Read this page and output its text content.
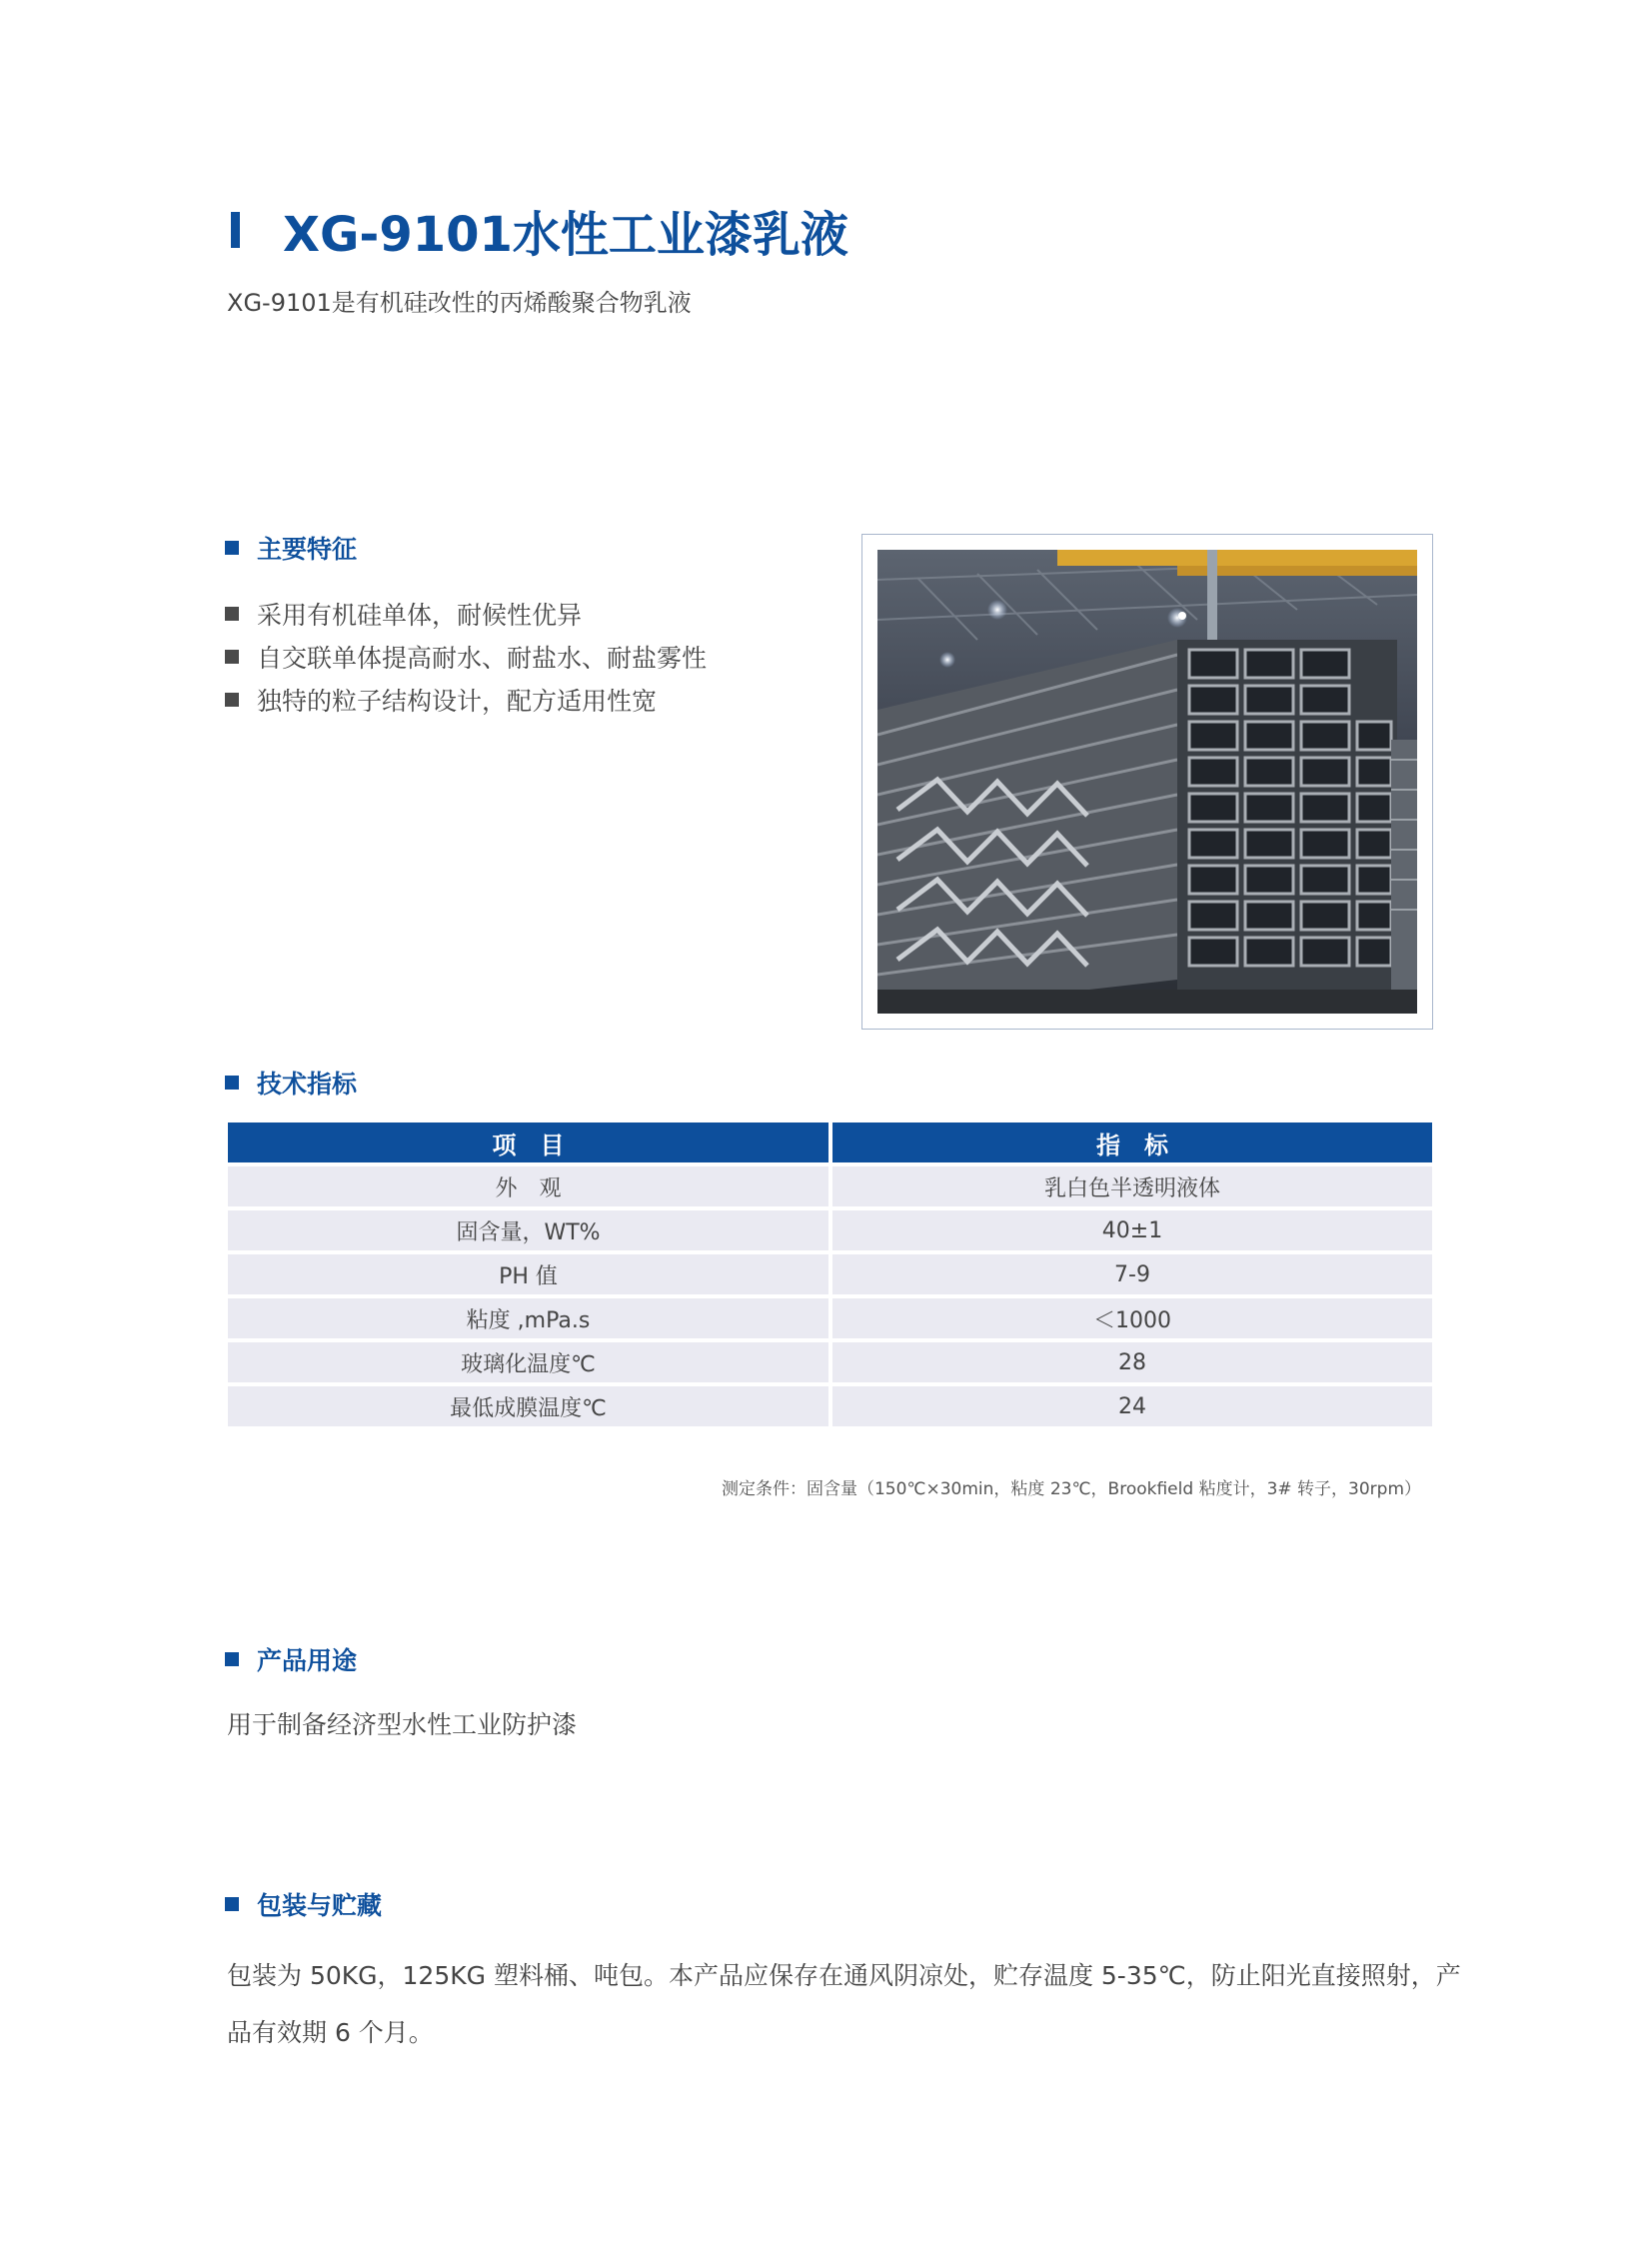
XG-9101水性工业漆乳液
XG-9101是有机硅改性的丙烯酸聚合物乳液
主要特征
采用有机硅单体，耐候性优异
自交联单体提高耐水、耐盐水、耐盐雾性
独特的粒子结构设计，配方适用性宽
技术指标
项　目	指　标
外　观	乳白色半透明液体
固含量，WT%	40±1
PH 值	7-9
粘度 ,mPa.s	＜1000
玻璃化温度℃	28
最低成膜温度℃	24
测定条件：固含量（150℃×30min，粘度 23℃，Brookfield 粘度计，3# 转子，30rpm）
产品用途
用于制备经济型水性工业防护漆
包装与贮藏
包装为 50KG，125KG 塑料桶、吨包。本产品应保存在通风阴凉处，贮存温度 5-35℃，防止阳光直接照射，产
品有效期 6 个月。
